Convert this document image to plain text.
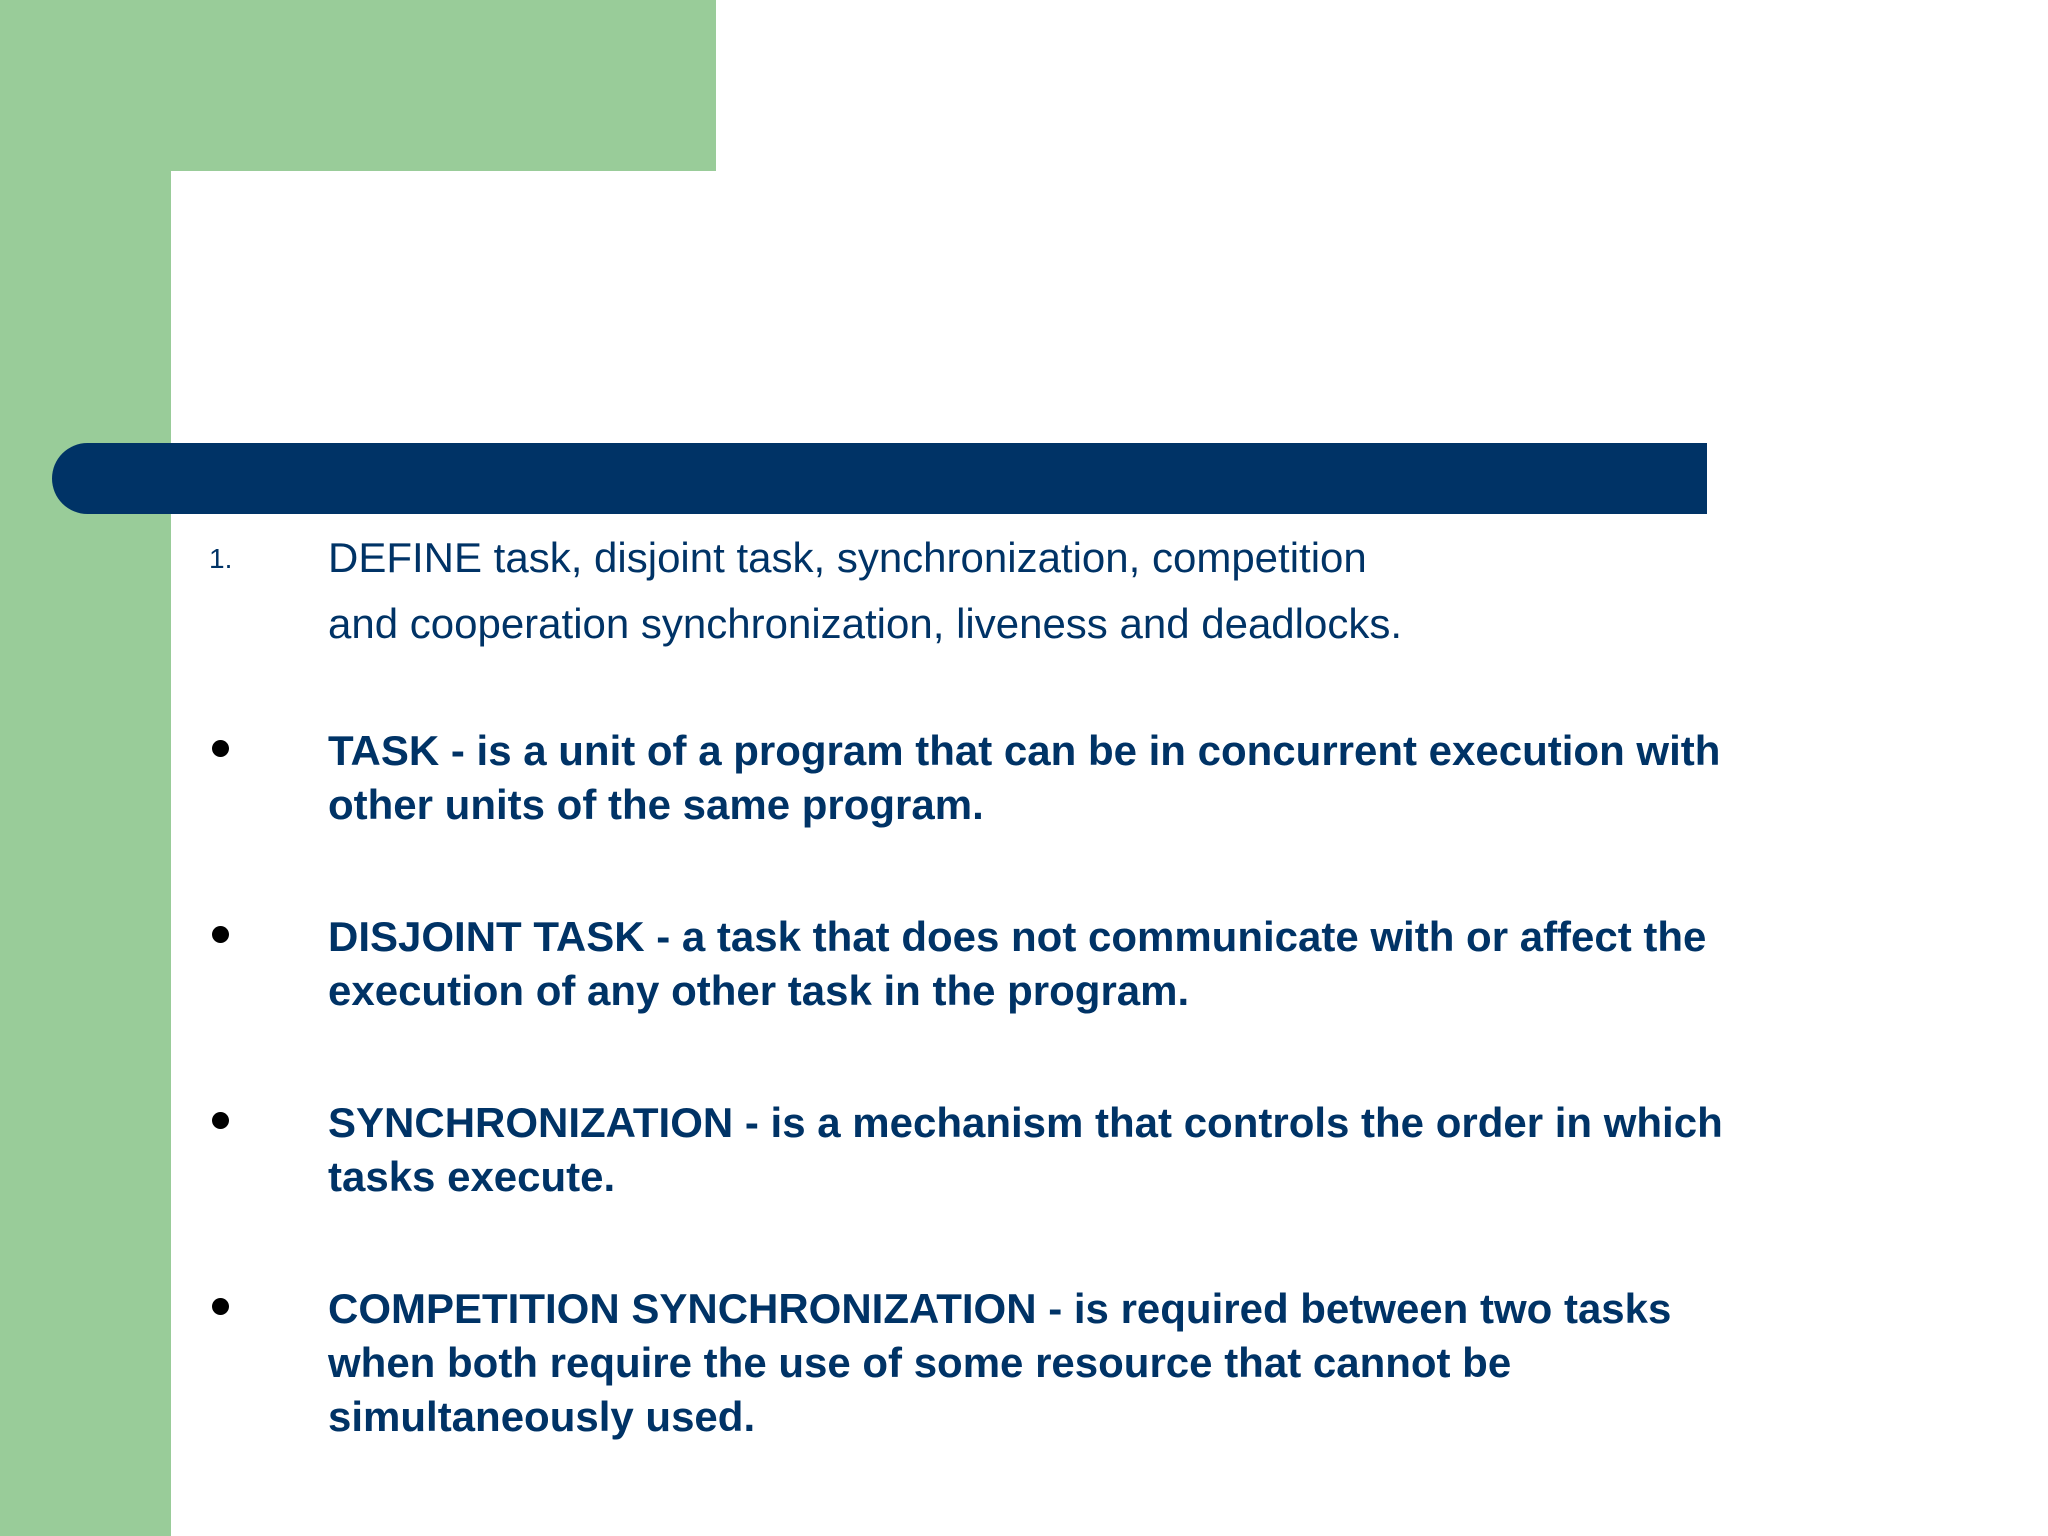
1. DEFINE task, disjoint task, synchronization, competition
and cooperation synchronization, liveness and deadlocks.
TASK - is a unit of a program that can be in concurrent execution with
other units of the same program.
DISJOINT TASK - a task that does not communicate with or affect the
execution of any other task in the program.
SYNCHRONIZATION - is a mechanism that controls the order in which
tasks execute.
COMPETITION SYNCHRONIZATION - is required between two tasks
when both require the use of some resource that cannot be
simultaneously used.
